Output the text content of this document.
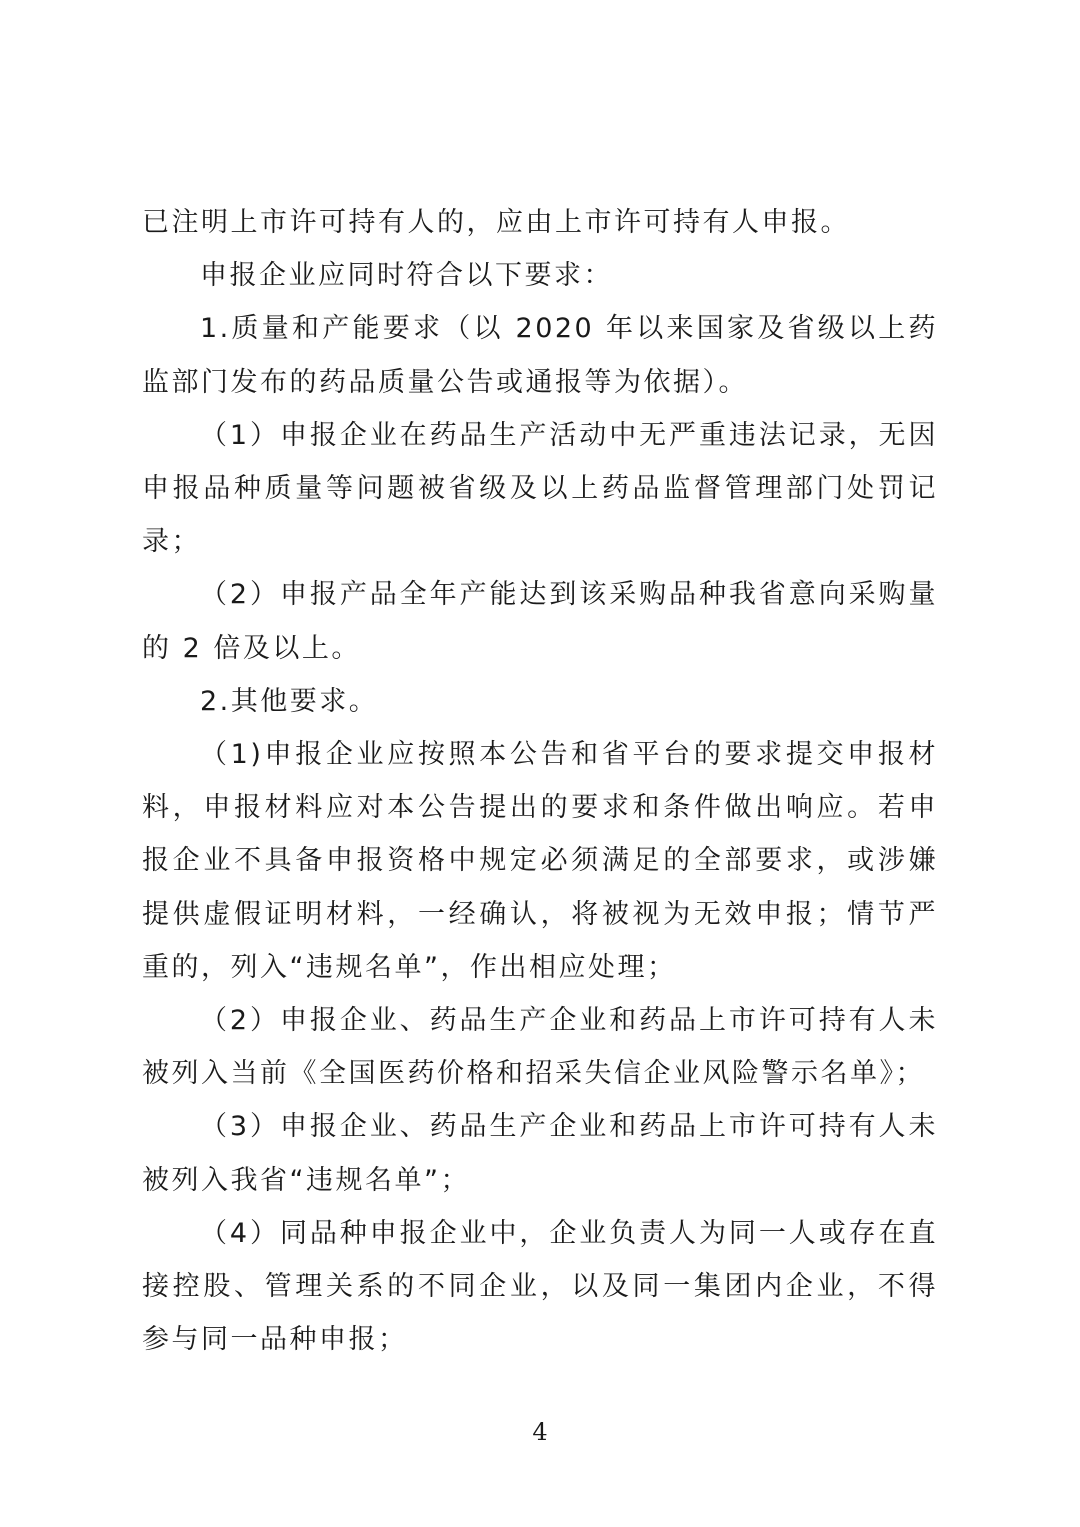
已注明上市许可持有人的，应由上市许可持有人申报。

申报企业应同时符合以下要求：

1.质量和产能要求（以 2020 年以来国家及省级以上药监部门发布的药品质量公告或通报等为依据）。

（1）申报企业在药品生产活动中无严重违法记录，无因申报品种质量等问题被省级及以上药品监督管理部门处罚记录；

（2）申报产品全年产能达到该采购品种我省意向采购量的 2 倍及以上。

2.其他要求。

（1)申报企业应按照本公告和省平台的要求提交申报材料，申报材料应对本公告提出的要求和条件做出响应。若申报企业不具备申报资格中规定必须满足的全部要求，或涉嫌提供虚假证明材料，一经确认，将被视为无效申报；情节严重的，列入“违规名单”，作出相应处理；

（2）申报企业、药品生产企业和药品上市许可持有人未被列入当前《全国医药价格和招采失信企业风险警示名单》；

（3）申报企业、药品生产企业和药品上市许可持有人未被列入我省“违规名单”；

（4）同品种申报企业中，企业负责人为同一人或存在直接控股、管理关系的不同企业，以及同一集团内企业，不得参与同一品种申报；

4
